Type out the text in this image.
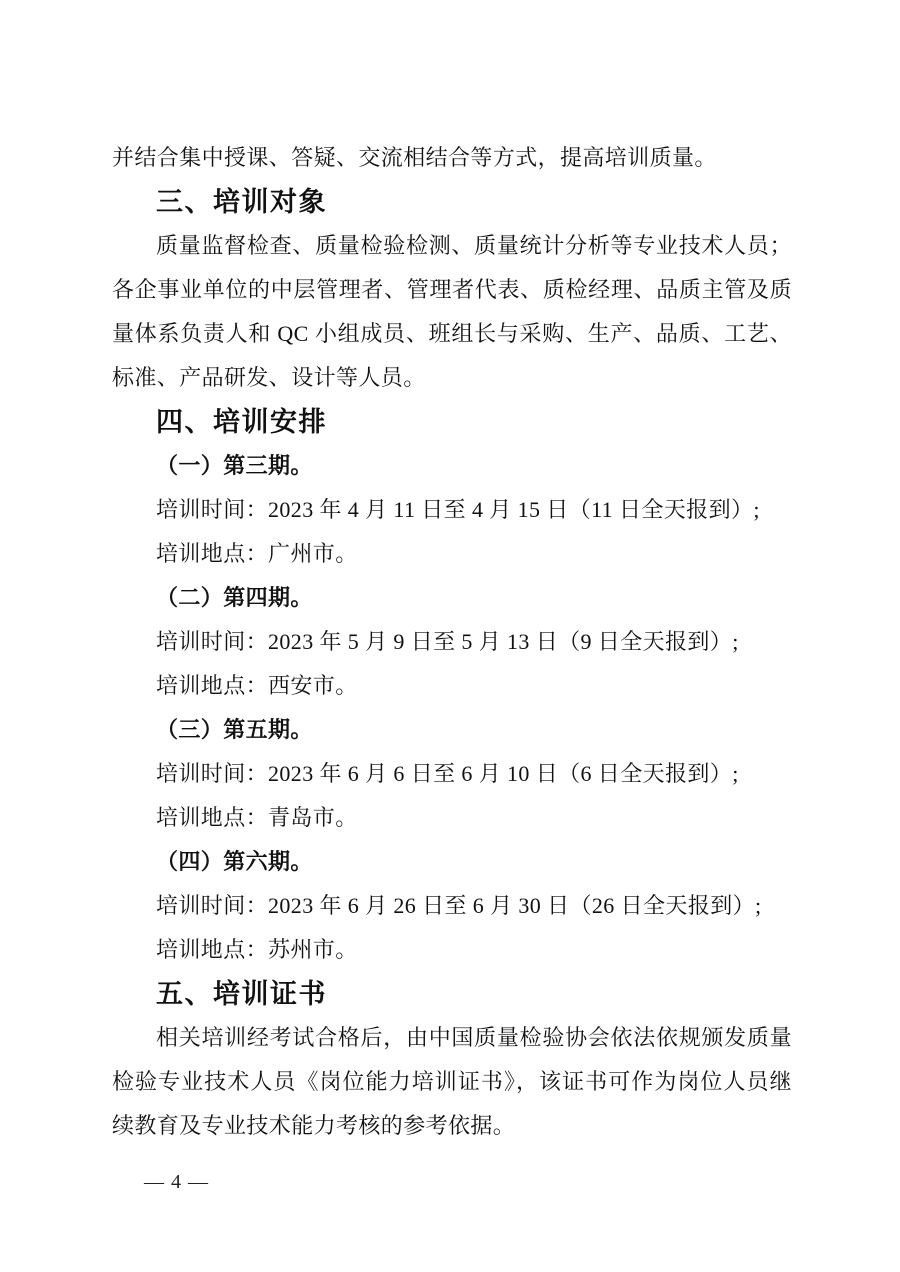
并结合集中授课、答疑、交流相结合等方式，提高培训质量。
三、培训对象
质量监督检查、质量检验检测、质量统计分析等专业技术人员；
各企事业单位的中层管理者、管理者代表、质检经理、品质主管及质
量体系负责人和 QC 小组成员、班组长与采购、生产、品质、工艺、
标准、产品研发、设计等人员。
四、培训安排
（一）第三期。
培训时间：2023 年 4 月 11 日至 4 月 15 日（11 日全天报到）;
培训地点：广州市。
（二）第四期。
培训时间：2023 年 5 月 9 日至 5 月 13 日（9 日全天报到）;
培训地点：西安市。
（三）第五期。
培训时间：2023 年 6 月 6 日至 6 月 10 日（6 日全天报到）;
培训地点：青岛市。
（四）第六期。
培训时间：2023 年 6 月 26 日至 6 月 30 日（26 日全天报到）;
培训地点：苏州市。
五、培训证书
相关培训经考试合格后，由中国质量检验协会依法依规颁发质量
检验专业技术人员《岗位能力培训证书》，该证书可作为岗位人员继
续教育及专业技术能力考核的参考依据。
— 4 —
